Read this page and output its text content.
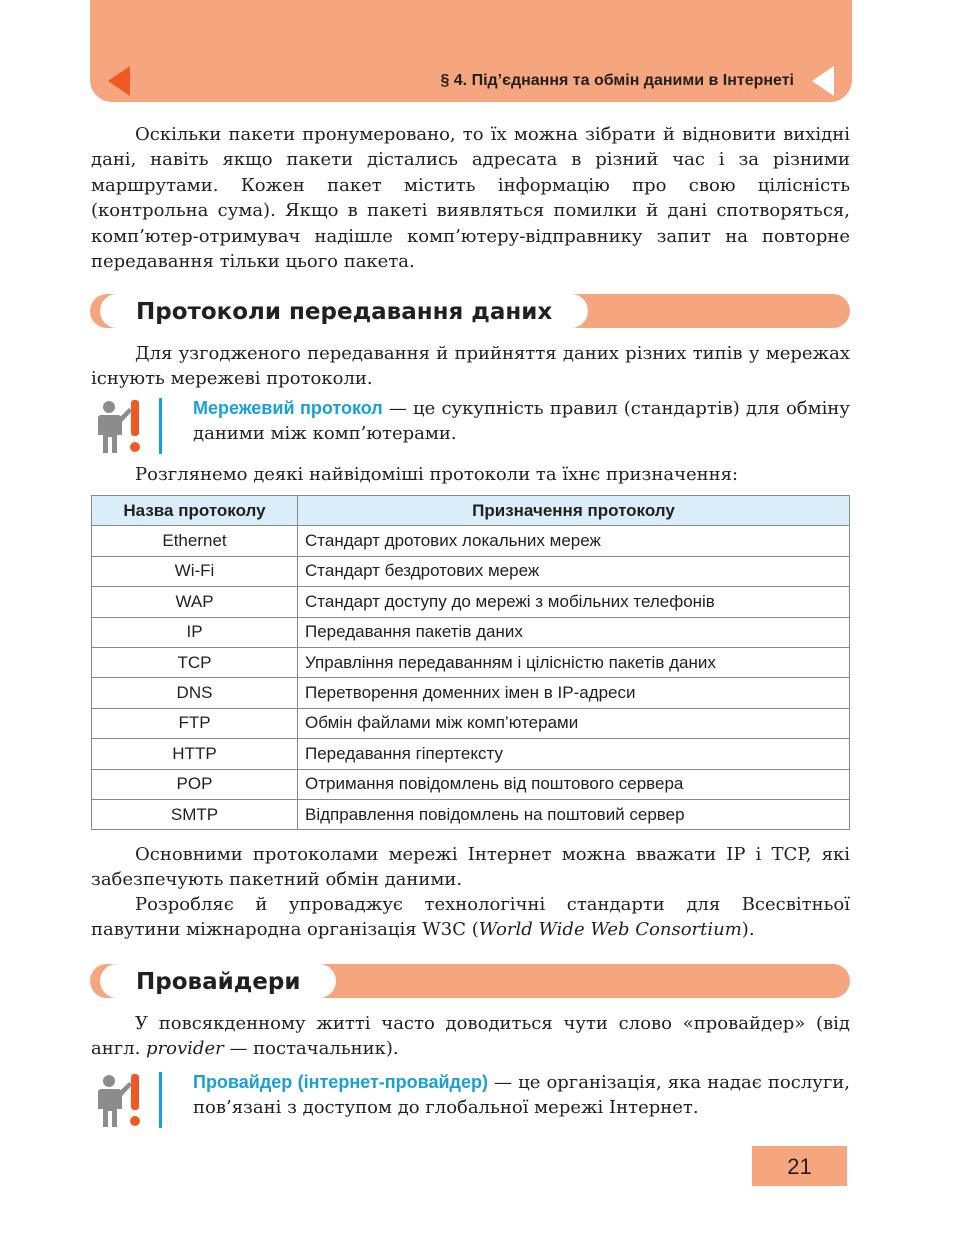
§ 4. Під’єднання та обмін даними в Інтернеті

Оскільки пакети пронумеровано, то їх можна зібрати й відновити вихідні дані, навіть якщо пакети дістались адресата в різний час і за різними маршрутами. Кожен пакет містить інформацію про свою цілісність (контрольна сума). Якщо в пакеті виявляться помилки й дані спотворяться, комп’ютер-отримувач надішле комп’ютеру-відправнику запит на повторне передавання тільки цього пакета.

Протоколи передавання даних

Для узгодженого передавання й прийняття даних різних типів у мережах існують мережеві протоколи.

Мережевий протокол — це сукупність правил (стандартів) для обміну даними між комп’ютерами.

Розглянемо деякі найвідоміші протоколи та їхнє призначення:

Назва протоколу	Призначення протоколу
Ethernet	Стандарт дротових локальних мереж
Wi-Fi	Стандарт бездротових мереж
WAP	Стандарт доступу до мережі з мобільних телефонів
IP	Передавання пакетів даних
TCP	Управління передаванням і цілісністю пакетів даних
DNS	Перетворення доменних імен в IP-адреси
FTP	Обмін файлами між комп’ютерами
HTTP	Передавання гіпертексту
POP	Отримання повідомлень від поштового сервера
SMTP	Відправлення повідомлень на поштовий сервер

Основними протоколами мережі Інтернет можна вважати IP і TCP, які забезпечують пакетний обмін даними.

Розробляє й упроваджує технологічні стандарти для Всесвітньої павутини міжнародна організація W3C (World Wide Web Consortium).

Провайдери

У повсякденному житті часто доводиться чути слово «провайдер» (від англ. provider — постачальник).

Провайдер (інтернет-провайдер) — це організація, яка надає послуги, пов’язані з доступом до глобальної мережі Інтернет.

21
